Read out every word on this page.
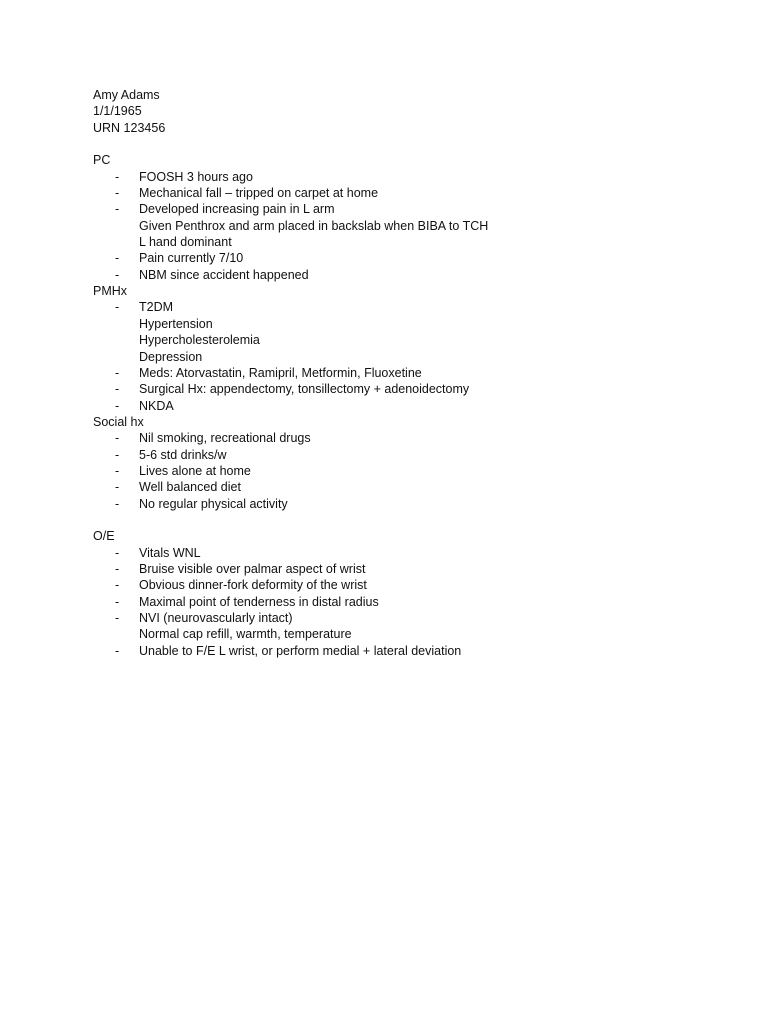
Amy Adams
1/1/1965
URN 123456
PC
- FOOSH 3 hours ago
- Mechanical fall – tripped on carpet at home
- Developed increasing pain in L arm
Given Penthrox and arm placed in backslab when BIBA to TCH
L hand dominant
- Pain currently 7/10
- NBM since accident happened
PMHx
- T2DM
Hypertension
Hypercholesterolemia
Depression
- Meds: Atorvastatin, Ramipril, Metformin, Fluoxetine
- Surgical Hx: appendectomy, tonsillectomy + adenoidectomy
- NKDA
Social hx
- Nil smoking, recreational drugs
- 5-6 std drinks/w
- Lives alone at home
- Well balanced diet
- No regular physical activity
O/E
- Vitals WNL
- Bruise visible over palmar aspect of wrist
- Obvious dinner-fork deformity of the wrist
- Maximal point of tenderness in distal radius
- NVI (neurovascularly intact)
Normal cap refill, warmth, temperature
- Unable to F/E L wrist, or perform medial + lateral deviation
